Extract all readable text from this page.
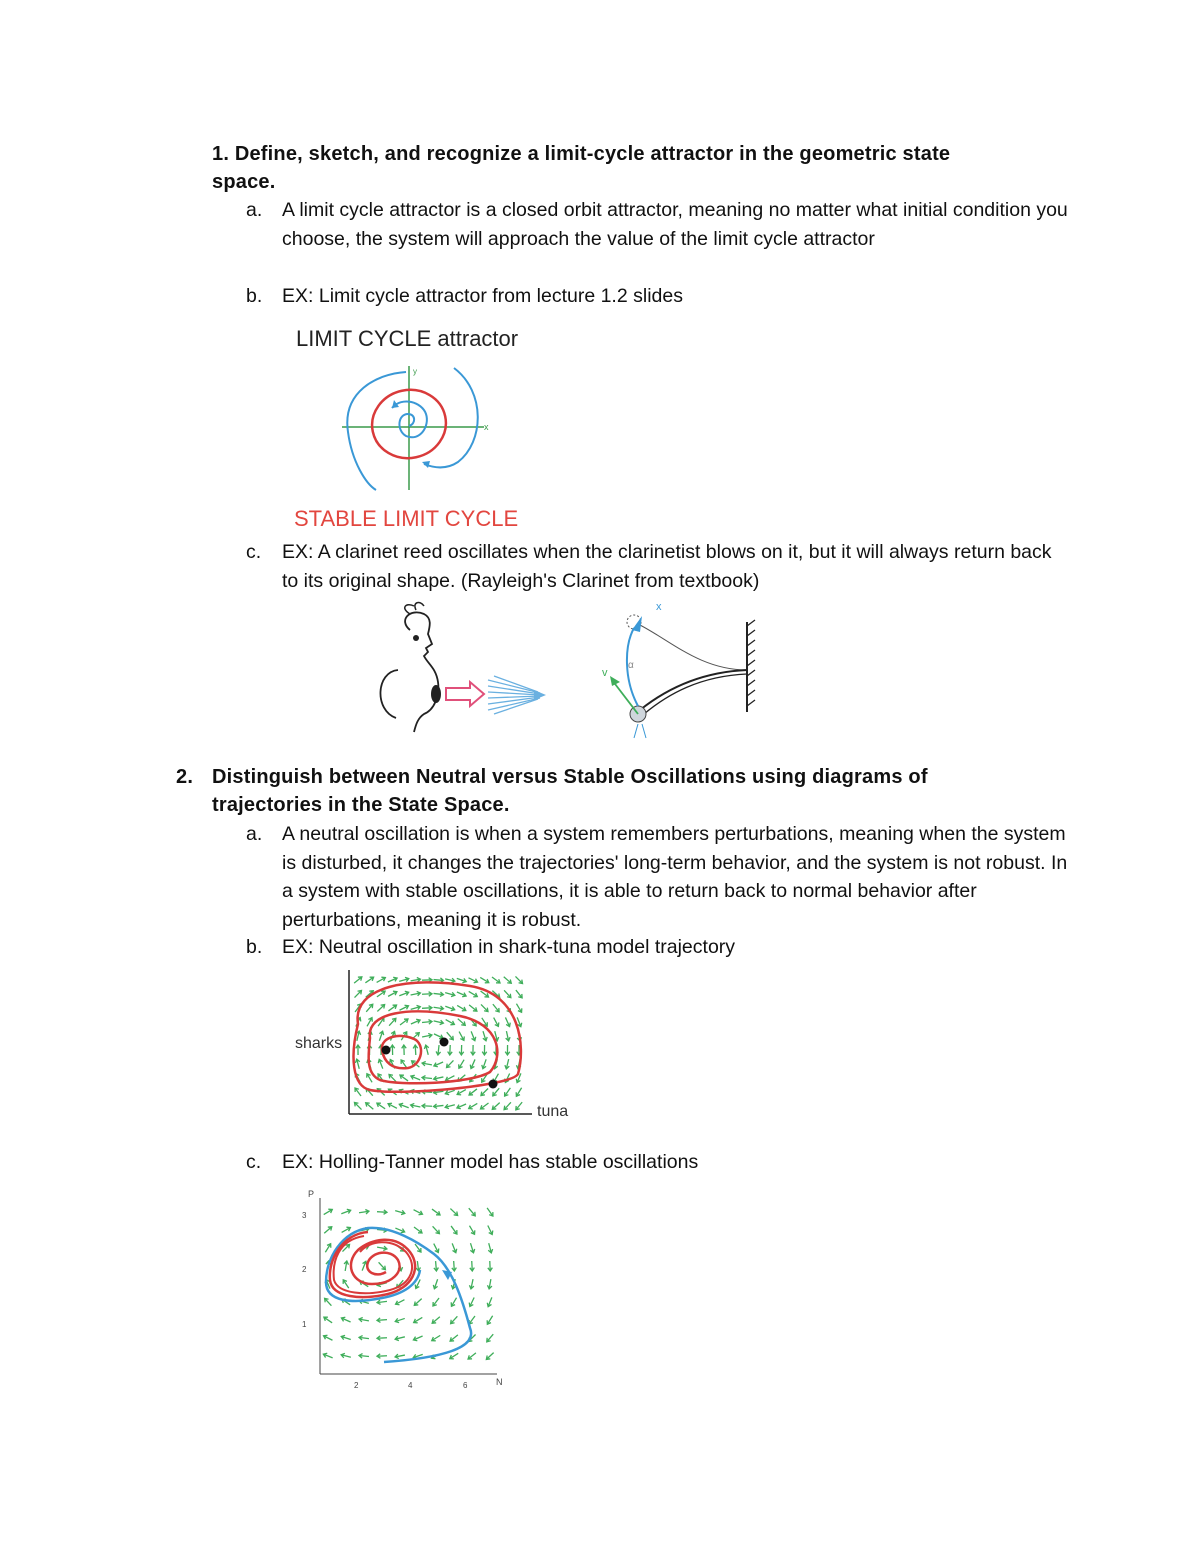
1. Define, sketch, and recognize a limit-cycle attractor in the geometric state space.
a. A limit cycle attractor is a closed orbit attractor, meaning no matter what initial condition you choose, the system will approach the value of the limit cycle attractor
b. EX: Limit cycle attractor from lecture 1.2 slides
LIMIT CYCLE attractor
x
y
STABLE LIMIT CYCLE
c. EX: A clarinet reed oscillates when the clarinetist blows on it, but it will always return back to its original shape. (Rayleigh's Clarinet from textbook)
x
v
α
2. Distinguish between Neutral versus Stable Oscillations using diagrams of trajectories in the State Space.
a. A neutral oscillation is when a system remembers perturbations, meaning when the system is disturbed, it changes the trajectories' long-term behavior, and the system is not robust. In a system with stable oscillations, it is able to return back to normal behavior after perturbations, meaning it is robust.
b. EX: Neutral oscillation in shark-tuna model trajectory
sharks
tuna
c. EX: Holling-Tanner model has stable oscillations
P
N
3
2
1
2	4	6
